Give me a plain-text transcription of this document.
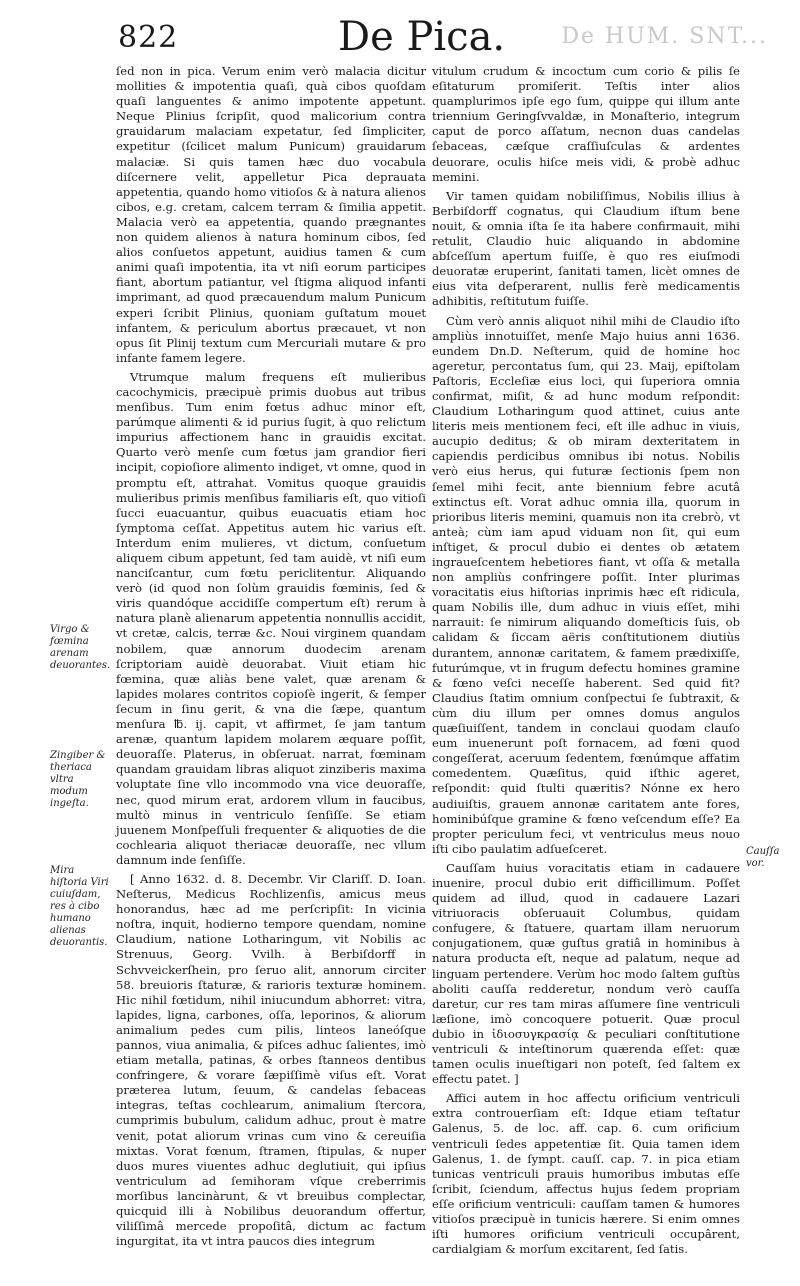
822	De Pica.	De HUM. SNT...

ſed non in pica. Verum enim verò malacia dicitur mollities & impotentia quaſi, quà cibos quoſdam quaſi languentes & animo impotente appetunt. Neque Plinius ſcripſit, quod malicorium contra grauidarum malaciam expetatur, ſed ſimpliciter, expetitur (ſcilicet malum Punicum) grauidarum malaciæ. Si quis tamen hæc duo vocabula diſcernere velit, appelletur Pica deprauata appetentia, quando homo vitioſos & à natura alienos cibos, e.g. cretam, calcem terram & ſimilia appetit. Malacia verò ea appetentia, quando prægnantes non quidem alienos à natura hominum cibos, ſed alios conſuetos appetunt, auidius tamen & cum animi quaſi impotentia, ita vt niſi eorum participes fiant, abortum patiantur, vel ſtigma aliquod infanti imprimant, ad quod præcauendum malum Punicum experi ſcribit Plinius, quoniam guſtatum mouet infantem, & periculum abortus præcauet, vt non opus ſit Plinij textum cum Mercuriali mutare & pro infante famem legere.

Vtrumque malum frequens eſt mulieribus cacochymicis, præcipuè primis duobus aut tribus menſibus. Tum enim fœtus adhuc minor eſt, parúmque alimenti & id purius ſugit, à quo relictum impurius affectionem hanc in grauidis excitat. Quarto verò menſe cum fœtus jam grandior fieri incipit, copioſiore alimento indiget, vt omne, quod in promptu eſt, attrahat. Vomitus quoque grauidis mulieribus primis menſibus familiaris eſt, quo vitioſi ſucci euacuantur, quibus euacuatis etiam hoc ſymptoma ceſſat. Appetitus autem hic varius eſt. Interdum enim mulieres, vt dictum, conſuetum aliquem cibum appetunt, ſed tam auidè, vt niſi eum nanciſcantur, cum fœtu periclitentur. Aliquando verò (id quod non ſolùm grauidis fœminis, ſed & viris quandóque accidiſſe compertum eſt) rerum à natura planè alienarum appetentia nonnullis accidit, vt cretæ, calcis, terræ &c. Noui virginem quandam nobilem, quæ annorum duodecim arenam ſcriptoriam auidè deuorabat. Viuit etiam hic fœmina, quæ aliàs bene valet, quæ arenam & lapides molares contritos copioſè ingerit, & ſemper ſecum in ſinu gerit, & vna die ſæpe, quantum menſura ℔. ij. capit, vt affirmet, ſe jam tantum arenæ, quantum lapidem molarem æquare poſſit, deuoraſſe. Platerus, in obſeruat. narrat, fœminam quandam grauidam libras aliquot zinziberis maxima voluptate ſine vllo incommodo vna vice deuoraſſe, nec, quod mirum erat, ardorem vllum in faucibus, multò minus in ventriculo ſenſiſſe. Se etiam juuenem Monſpeſſuli frequenter & aliquoties de die cochlearia aliquot theriacæ deuoraſſe, nec vllum damnum inde ſenſiſſe.

[ Anno 1632. d. 8. Decembr. Vir Clariſſ. D. Ioan. Neſterus, Medicus Rochlizenſis, amicus meus honorandus, hæc ad me perſcripſit: In vicinia noſtra, inquit, hodierno tempore quendam, nomine Claudium, natione Lotharingum, vit Nobilis ac Strenuus, Georg. Vvilh. à Berbiſdorff in Schvveickerſhein, pro ſeruo alit, annorum circiter 58. breuioris ſtaturæ, & rarioris texturæ hominem. Hic nihil fœtidum, nihil iniucundum abhorret: vitra, lapides, ligna, carbones, oſſa, leporinos, & aliorum animalium pedes cum pilis, linteos laneóſque pannos, viua animalia, & piſces adhuc ſalientes, imò etiam metalla, patinas, & orbes ſtanneos dentibus confringere, & vorare ſæpiſſimè viſus eſt. Vorat præterea lutum, ſeuum, & candelas ſebaceas integras, teſtas cochlearum, animalium ſtercora, cumprimis bubulum, calidum adhuc, prout è matre venit, potat aliorum vrinas cum vino & cereuiſia mixtas. Vorat fœnum, ſtramen, ſtipulas, & nuper duos mures viuentes adhuc deglutiuit, qui ipſius ventriculum ad ſemihoram vſque creberrimis morſibus lancinàrunt, & vt breuibus complectar, quicquid illi à Nobilibus deuorandum offertur, viliſſimâ mercede propoſitâ, dictum ac factum ingurgitat, ita vt intra paucos dies integrum

Virgo & fœmina arenam deuorantes.
Zingiber & theriaca vltra modum ingeſta.
Mira hiſtoria Viri cuiuſdam, res à cibo humano alienas deuorantis.

vitulum crudum & incoctum cum corio & pilis ſe eſitaturum promiſerit. Teſtis inter alios quamplurimos ipſe ego ſum, quippe qui illum ante triennium Geringſvvaldæ, in Monaſterio, integrum caput de porco aſſatum, necnon duas candelas ſebaceas, cæſque craſſiuſculas & ardentes deuorare, oculis hiſce meis vidi, & probè adhuc memini.

Vir tamen quidam nobiliſſimus, Nobilis illius à Berbiſdorff cognatus, qui Claudium iſtum bene nouit, & omnia iſta ſe ita habere confirmauit, mihi retulit, Claudio huic aliquando in abdomine abſceſſum apertum fuiſſe, è quo res eiuſmodi deuoratæ eruperint, ſanitati tamen, licèt omnes de eius vita deſperarent, nullis ferè medicamentis adhibitis, reſtitutum fuiſſe.

Cùm verò annis aliquot nihil mihi de Claudio iſto ampliùs innotuiſſet, menſe Majo huius anni 1636. eundem Dn.D. Neſterum, quid de homine hoc ageretur, percontatus ſum, qui 23. Maij, epiſtolam Paſtoris, Eccleſiæ eius loci, qui ſuperiora omnia confirmat, miſit, & ad hunc modum reſpondit: Claudium Lotharingum quod attinet, cuius ante literis meis mentionem feci, eſt ille adhuc in viuis, aucupio deditus; & ob miram dexteritatem in capiendis perdicibus omnibus ibi notus. Nobilis verò eius herus, qui futuræ ſectionis ſpem non ſemel mihi fecit, ante biennium febre acutâ extinctus eſt. Vorat adhuc omnia illa, quorum in prioribus literis memini, quamuis non ita crebrò, vt anteà; cùm iam apud viduam non ſit, qui eum inſtiget, & procul dubio ei dentes ob ætatem ingraueſcentem hebetiores fiant, vt oſſa & metalla non ampliùs confringere poſſit. Inter plurimas voracitatis eius hiſtorias inprimis hæc eſt ridicula, quam Nobilis ille, dum adhuc in viuis eſſet, mihi narrauit: ſe nimirum aliquando domeſticis ſuis, ob calidam & ſiccam aëris conſtitutionem diutiùs durantem, annonæ caritatem, & famem prædixiſſe, futurúmque, vt in frugum defectu homines gramine & fœno veſci neceſſe haberent. Sed quid fit? Claudius ſtatim omnium conſpectui ſe ſubtraxit, & cùm diu illum per omnes domus angulos quæſiuiſſent, tandem in conclaui quodam clauſo eum inuenerunt poſt fornacem, ad fœni quod congeſſerat, aceruum ſedentem, fœnúmque affatim comedentem. Quæſitus, quid iſthic ageret, reſpondit: quid ſtulti quæritis? Nónne ex hero audiuiſtis, grauem annonæ caritatem ante fores, hominibúſque gramine & fœno veſcendum eſſe? Ea propter periculum feci, vt ventriculus meus nouo iſti cibo paulatim adſueſceret.

Cauſſam huius voracitatis etiam in cadauere inuenire, procul dubio erit difficillimum. Poſſet quidem ad illud, quod in cadauere Lazari vitriuoracis obſeruauit Columbus, quidam confugere, & ſtatuere, quartam illam neruorum conjugationem, quæ guſtus gratiâ in hominibus à natura producta eſt, neque ad palatum, neque ad linguam pertendere. Verùm hoc modo ſaltem guſtùs aboliti cauſſa redderetur, nondum verò cauſſa daretur, cur res tam miras aſſumere ſine ventriculi læſione, imò concoquere potuerit. Quæ procul dubio in ἰδιοσυγκρασίᾳ & peculiari conſtitutione ventriculi & inteſtinorum quærenda eſſet: quæ tamen oculis inueſtigari non poteſt, ſed ſaltem ex effectu patet. ]

Affici autem in hoc affectu orificium ventriculi extra controuerſiam eſt: Idque etiam teſtatur Galenus, 5. de loc. aff. cap. 6. cum orificium ventriculi ſedes appetentiæ ſit. Quia tamen idem Galenus, 1. de ſympt. cauſſ. cap. 7. in pica etiam tunicas ventriculi prauis humoribus imbutas eſſe ſcribit, ſciendum, affectus hujus ſedem propriam eſſe orificium ventriculi: cauſſam tamen & humores vitioſos præcipuè in tunicis hærere. Si enim omnes iſti humores orificium ventriculi occupârent, cardialgiam & morſum excitarent, ſed ſatis.

Cauſſa vor.
